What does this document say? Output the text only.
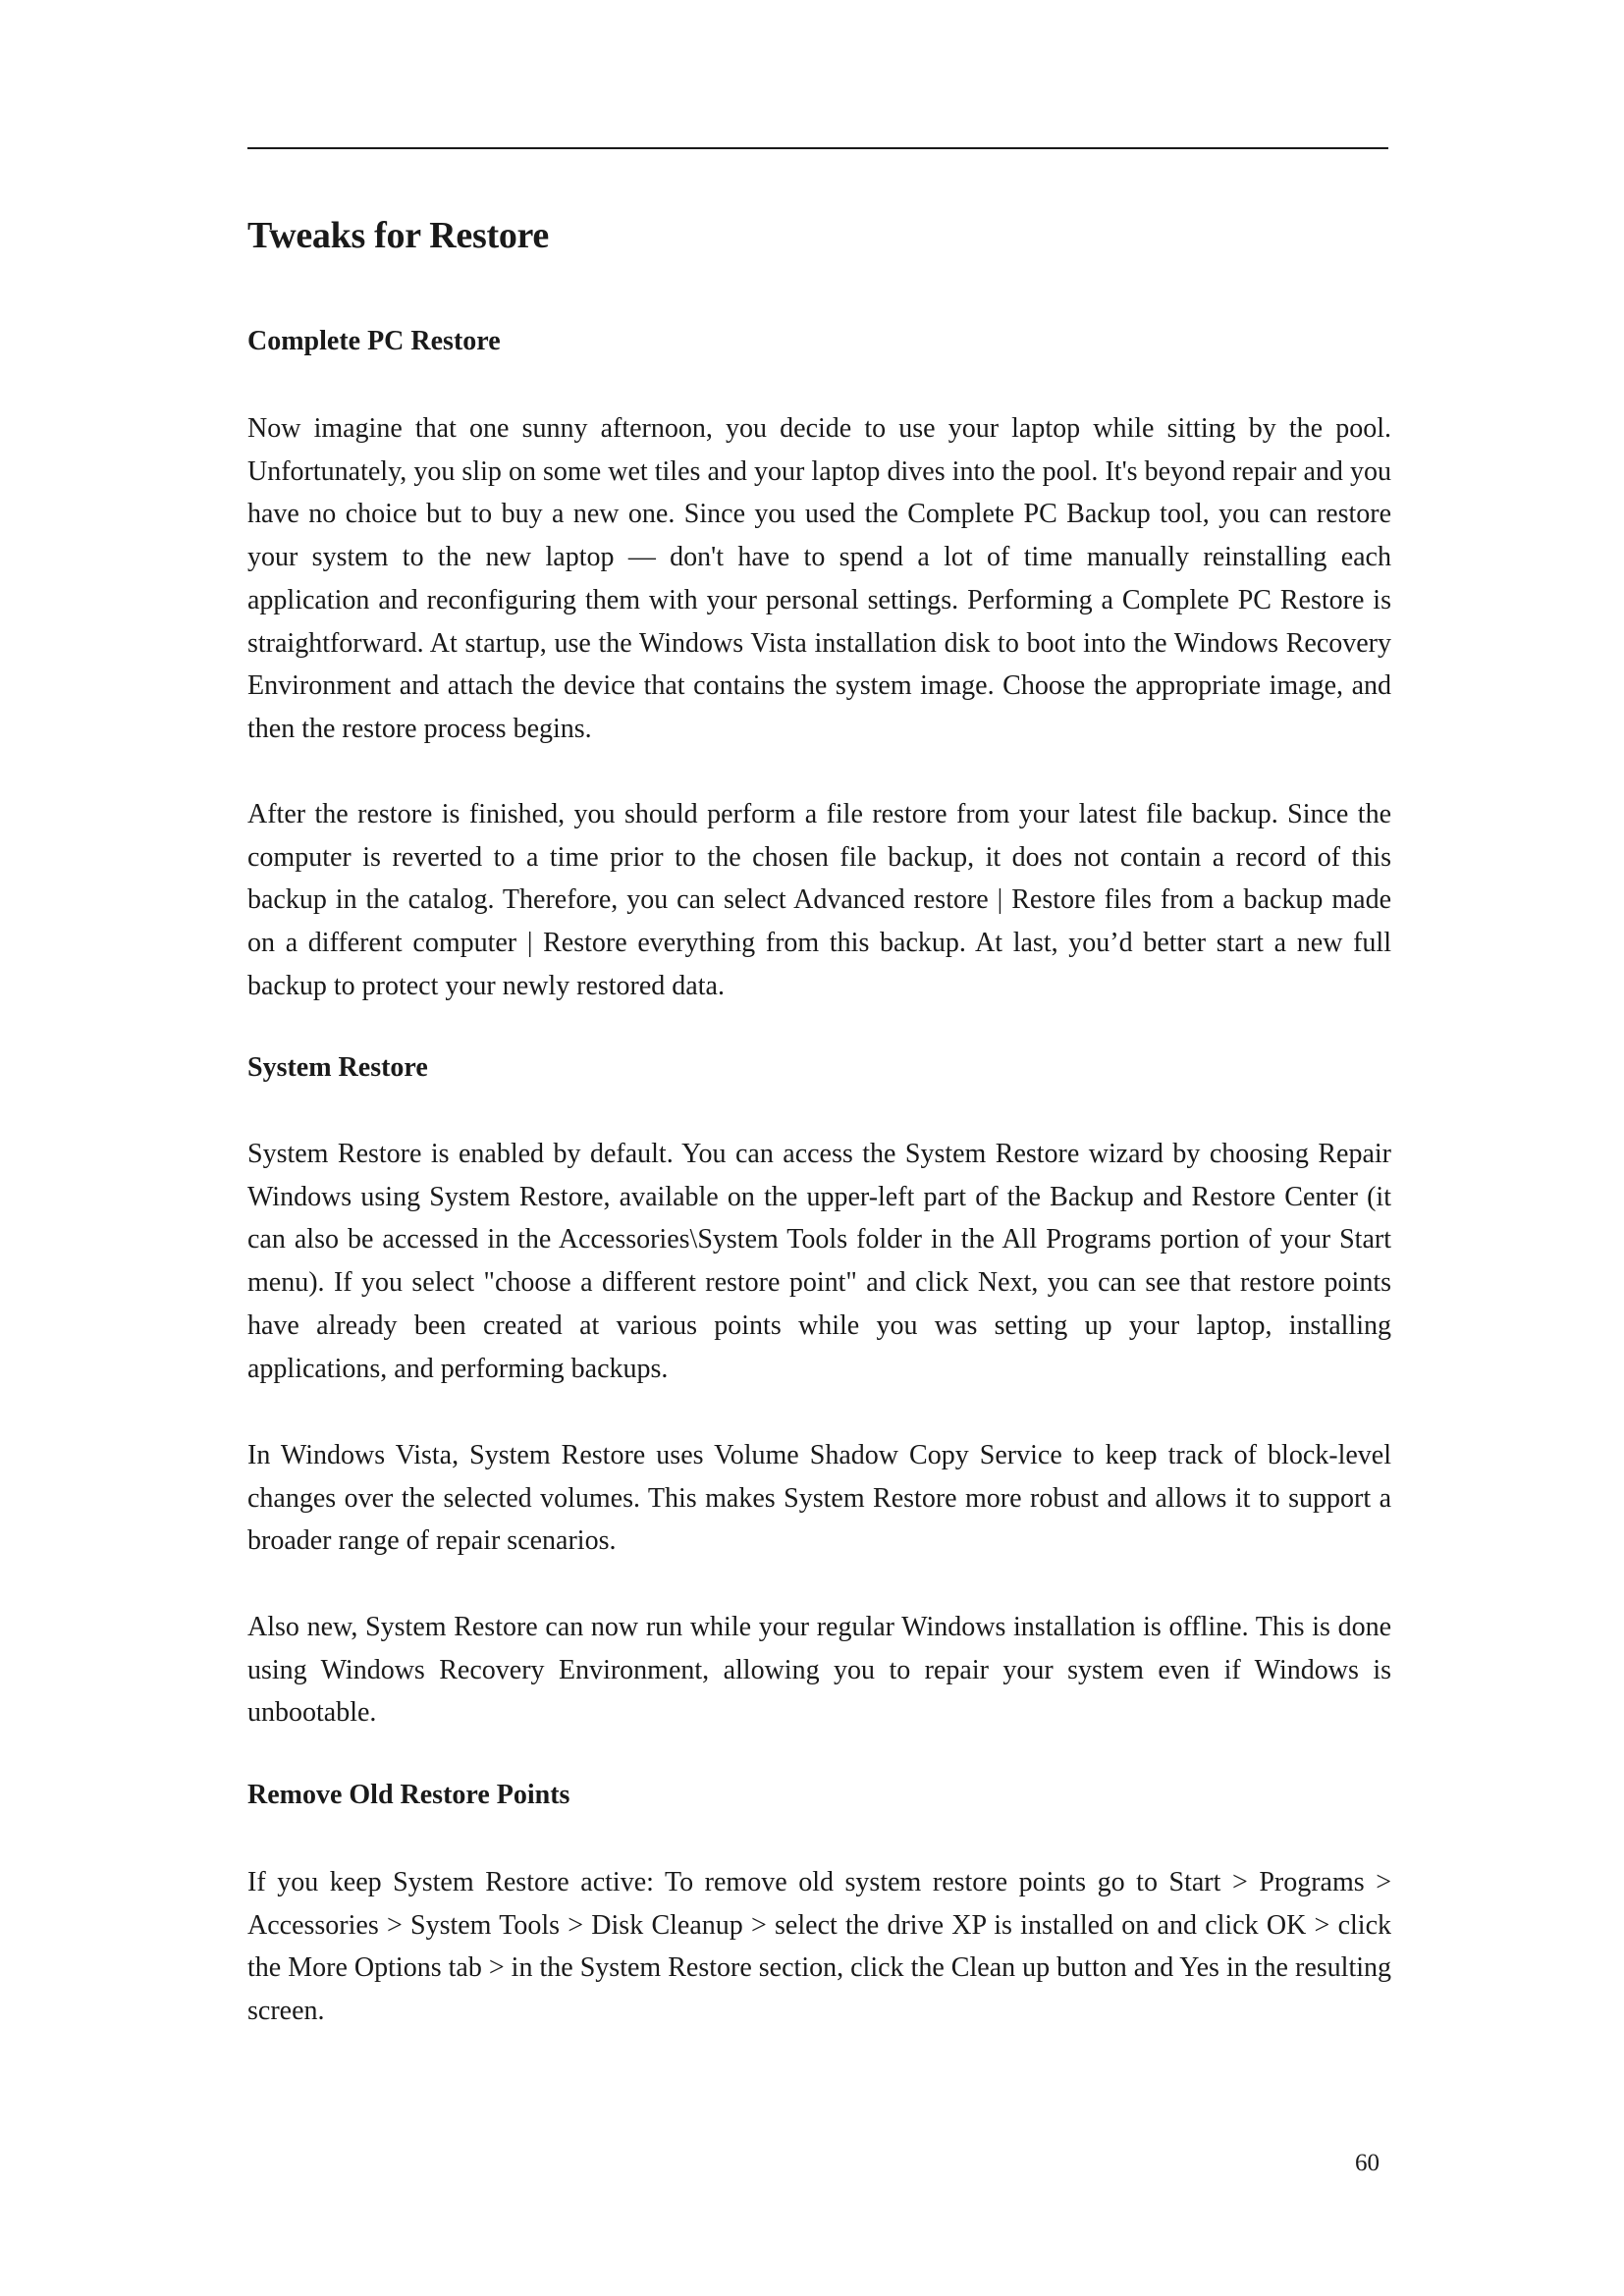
Tweaks for Restore
Complete PC Restore

Now imagine that one sunny afternoon, you decide to use your laptop while sitting by the pool. Unfortunately, you slip on some wet tiles and your laptop dives into the pool. It's beyond repair and you have no choice but to buy a new one. Since you used the Complete PC Backup tool, you can restore your system to the new laptop — don't have to spend a lot of time manually reinstalling each application and reconfiguring them with your personal settings. Performing a Complete PC Restore is straightforward. At startup, use the Windows Vista installation disk to boot into the Windows Recovery Environment and attach the device that contains the system image. Choose the appropriate image, and then the restore process begins.

After the restore is finished, you should perform a file restore from your latest file backup. Since the computer is reverted to a time prior to the chosen file backup, it does not contain a record of this backup in the catalog. Therefore, you can select Advanced restore | Restore files from a backup made on a different computer | Restore everything from this backup. At last, you’d better start a new full backup to protect your newly restored data.

System Restore

System Restore is enabled by default. You can access the System Restore wizard by choosing Repair Windows using System Restore, available on the upper-left part of the Backup and Restore Center (it can also be accessed in the Accessories\System Tools folder in the All Programs portion of your Start menu). If you select "choose a different restore point" and click Next, you can see that restore points have already been created at various points while you was setting up your laptop, installing applications, and performing backups.

In Windows Vista, System Restore uses Volume Shadow Copy Service to keep track of block-level changes over the selected volumes. This makes System Restore more robust and allows it to support a broader range of repair scenarios.

Also new, System Restore can now run while your regular Windows installation is offline. This is done using Windows Recovery Environment, allowing you to repair your system even if Windows is unbootable.

Remove Old Restore Points

If you keep System Restore active: To remove old system restore points go to Start > Programs > Accessories > System Tools > Disk Cleanup > select the drive XP is installed on and click OK > click the More Options tab > in the System Restore section, click the Clean up button and Yes in the resulting screen.

60
